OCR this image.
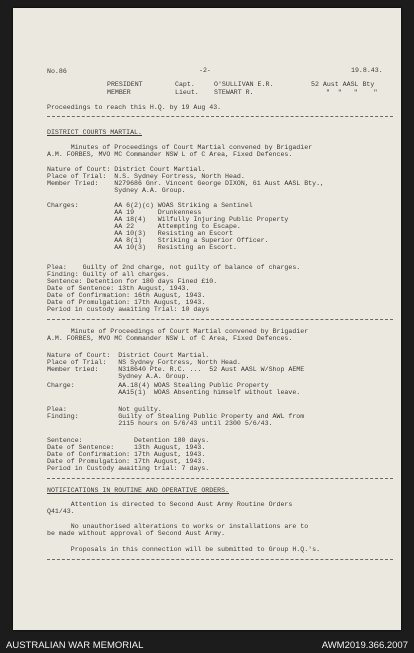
No.86	-2-	19.8.43.
PRESIDENT	Capt.	O'SULLIVAN E.R.	52 Aust AASL Bty
MEMBER	Lieut. STEWART R.	"  "   "    "
Proceedings to reach this H.Q. by 19 Aug 43.
DISTRICT COURTS MARTIAL.
Minutes of Proceedings of Court Martial convened by Brigadier
A.M. FORBES, MVO MC Commander NSW L of C Area, Fixed Defences.
Nature of Court: District Court Martial.
Place of Trial:  N.S. Sydney Fortress, North Head.
Member Tried:    N279686 Gnr. Vincent George DIXON, 61 Aust AASL Bty.,
Sydney A.A. Group.
Charges:         AA 6(2)(c) WOAS Striking a Sentinel
AA 19      Drunkenness
AA 18(4)   Wilfully Injuring Public Property
AA 22      Attempting to Escape.
AA 10(3)   Resisting an Escort
AA 8(1)    Striking a Superior Officer.
AA 10(3)   Resisting an Escort.
Plea:    Guilty of 2nd charge, not guilty of balance of charges.
Finding: Guilty of all charges.
Sentence: Detention for 180 days Fined £10.
Date of Sentence: 13th August, 1943.
Date of Confirmation: 16th August, 1943.
Date of Promulgation: 17th August, 1943.
Period in custody awaiting Trial: 10 days
Minute of Proceedings of Court Martial convened by Brigadier
A.M. FORBES, MVO MC Commander NSW L of C Area, Fixed Defences.
Nature of Court:  District Court Martial.
Place of Trial:   NS Sydney Fortress, North Head.
Member tried:     N318640 Pte. R.C. ...  52 Aust AASL W/Shop AEME
Sydney A.A. Group.
Charge:           AA.18(4) WOAS Stealing Public Property
AA15(1)  WOAS Absenting himself without leave.
Plea:             Not guilty.
Finding:          Guilty of Stealing Public Property and AWL from
2115 hours on 5/6/43 until 2300 5/6/43.
Sentence:             Detention 180 days.
Date of Sentence:     13th August, 1943.
Date of Confirmation: 17th August, 1943.
Date of Promulgation: 17th August, 1943.
Period in Custody awaiting trial: 7 days.
NOTIFICATIONS IN ROUTINE AND OPERATIVE ORDERS.
Attention is directed to Second Aust Army Routine Orders
Q41/43.
No unauthorised alterations to works or installations are to
be made without approval of Second Aust Army.
Proposals in this connection will be submitted to Group H.Q.'s.
AUSTRALIAN WAR MEMORIAL	AWM2019.366.2007
